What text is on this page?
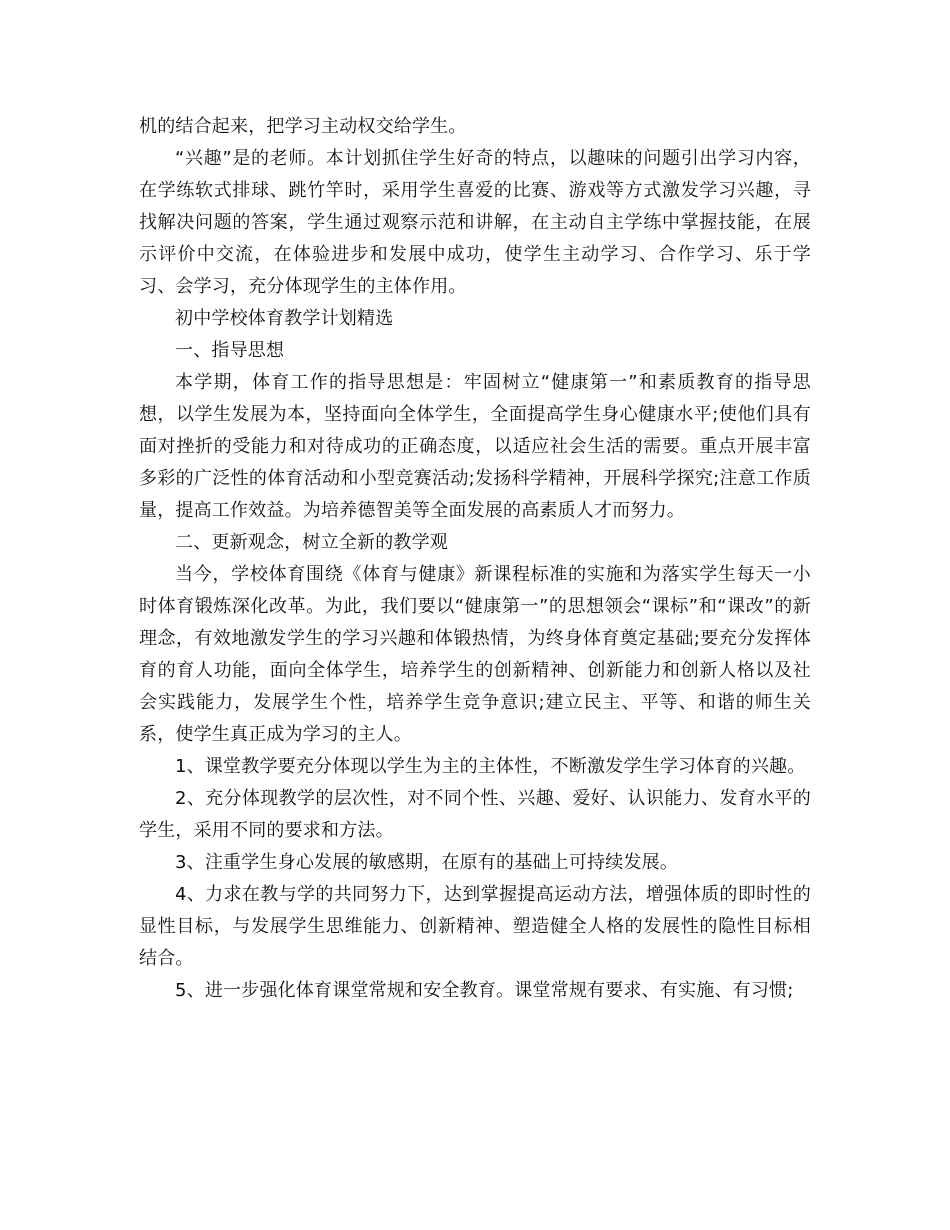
机的结合起来，把学习主动权交给学生。

“兴趣”是的老师。本计划抓住学生好奇的特点，以趣味的问题引出学习内容，在学练软式排球、跳竹竿时，采用学生喜爱的比赛、游戏等方式激发学习兴趣，寻找解决问题的答案，学生通过观察示范和讲解，在主动自主学练中掌握技能，在展示评价中交流，在体验进步和发展中成功，使学生主动学习、合作学习、乐于学习、会学习，充分体现学生的主体作用。

初中学校体育教学计划精选

一、指导思想

本学期，体育工作的指导思想是：牢固树立“健康第一”和素质教育的指导思想，以学生发展为本，坚持面向全体学生，全面提高学生身心健康水平;使他们具有面对挫折的受能力和对待成功的正确态度，以适应社会生活的需要。重点开展丰富多彩的广泛性的体育活动和小型竞赛活动;发扬科学精神，开展科学探究;注意工作质量，提高工作效益。为培养德智美等全面发展的高素质人才而努力。

二、更新观念，树立全新的教学观

当今，学校体育围绕《体育与健康》新课程标准的实施和为落实学生每天一小时体育锻炼深化改革。为此，我们要以“健康第一”的思想领会“课标”和“课改”的新理念，有效地激发学生的学习兴趣和体锻热情，为终身体育奠定基础;要充分发挥体育的育人功能，面向全体学生，培养学生的创新精神、创新能力和创新人格以及社会实践能力，发展学生个性，培养学生竞争意识;建立民主、平等、和谐的师生关系，使学生真正成为学习的主人。

1、课堂教学要充分体现以学生为主的主体性，不断激发学生学习体育的兴趣。

2、充分体现教学的层次性，对不同个性、兴趣、爱好、认识能力、发育水平的学生，采用不同的要求和方法。

3、注重学生身心发展的敏感期，在原有的基础上可持续发展。

4、力求在教与学的共同努力下，达到掌握提高运动方法，增强体质的即时性的显性目标，与发展学生思维能力、创新精神、塑造健全人格的发展性的隐性目标相结合。

5、进一步强化体育课堂常规和安全教育。课堂常规有要求、有实施、有习惯;
